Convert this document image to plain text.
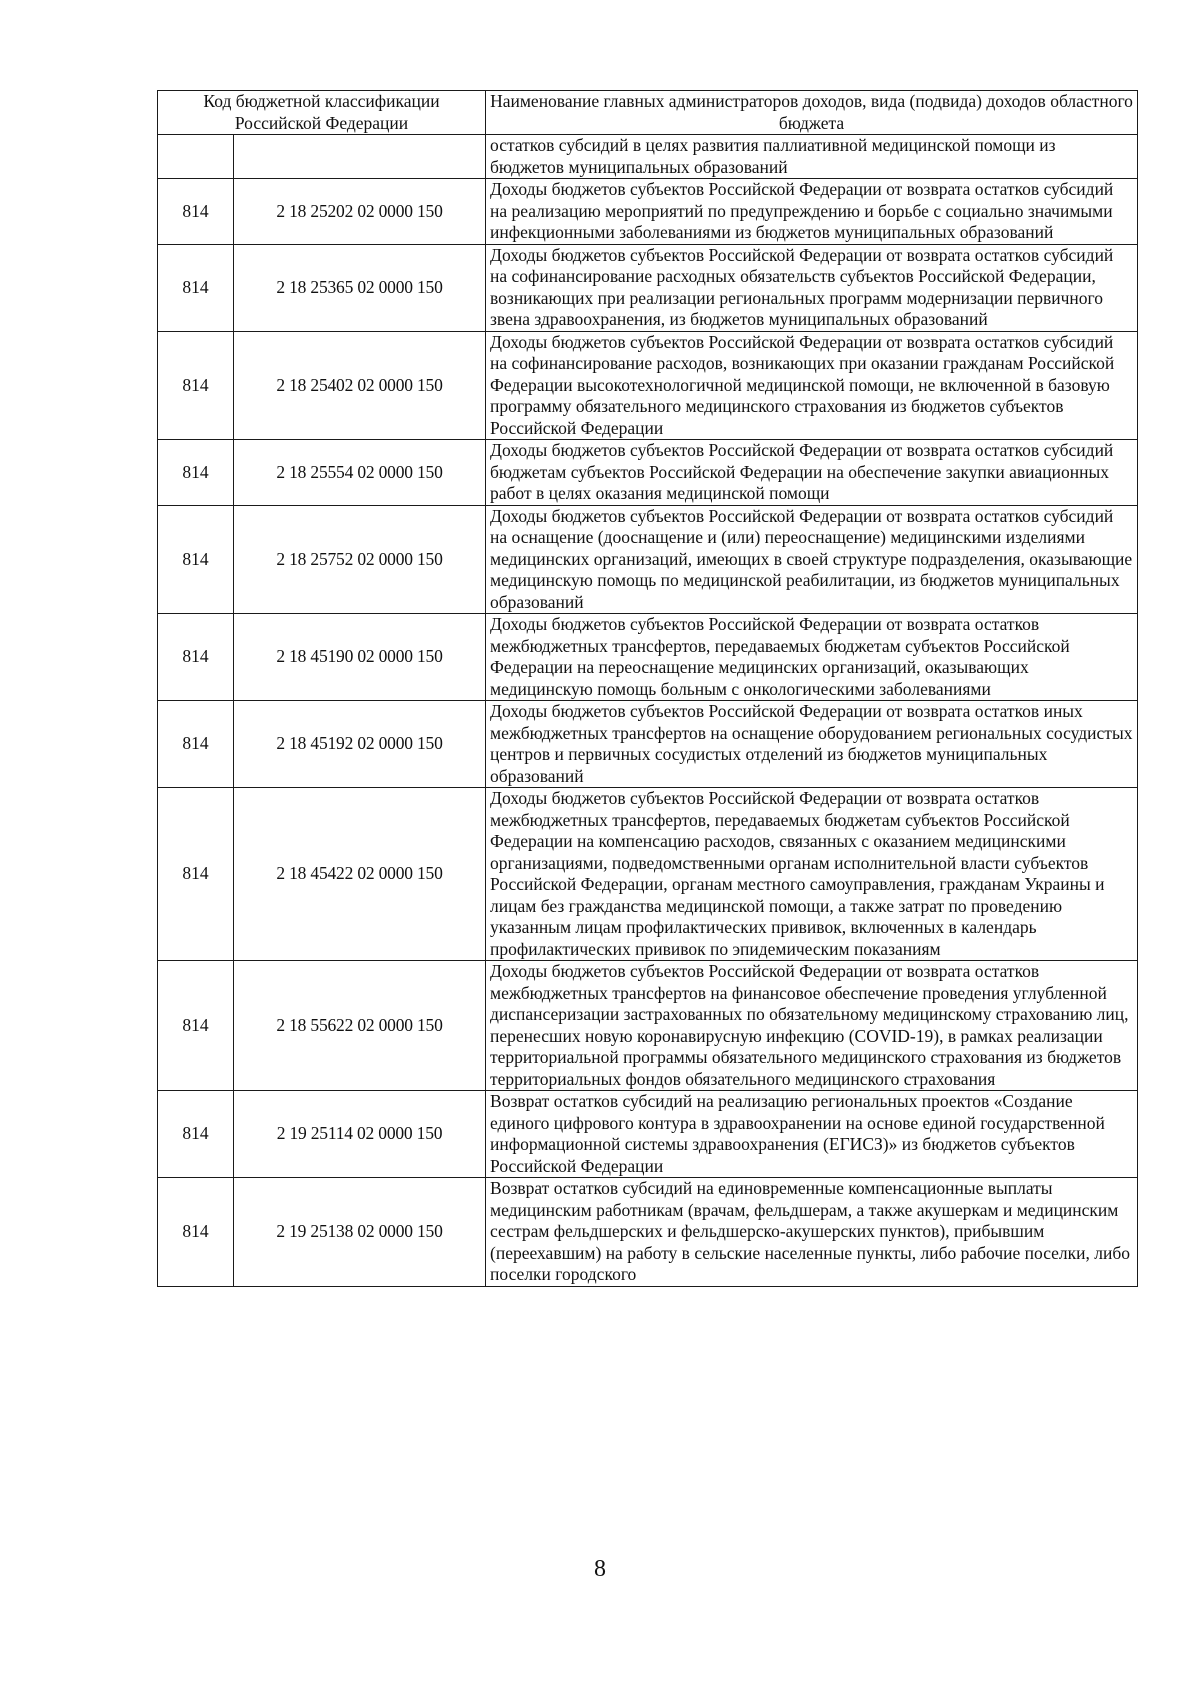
Код бюджетной классификации Российской Федерации		Наименование главных администраторов доходов, вида (подвида) доходов областного бюджета
		остатков субсидий в целях развития паллиативной медицинской помощи из бюджетов муниципальных образований
814	2 18 25202 02 0000 150	Доходы бюджетов субъектов Российской Федерации от возврата остатков субсидий на реализацию мероприятий по предупреждению и борьбе с социально значимыми инфекционными заболеваниями из бюджетов муниципальных образований
814	2 18 25365 02 0000 150	Доходы бюджетов субъектов Российской Федерации от возврата остатков субсидий на софинансирование расходных обязательств субъектов Российской Федерации, возникающих при реализации региональных программ модернизации первичного звена здравоохранения, из бюджетов муниципальных образований
814	2 18 25402 02 0000 150	Доходы бюджетов субъектов Российской Федерации от возврата остатков субсидий на софинансирование расходов, возникающих при оказании гражданам Российской Федерации высокотехнологичной медицинской помощи, не включенной в базовую программу обязательного медицинского страхования из бюджетов субъектов Российской Федерации
814	2 18 25554 02 0000 150	Доходы бюджетов субъектов Российской Федерации от возврата остатков субсидий бюджетам субъектов Российской Федерации на обеспечение закупки авиационных работ в целях оказания медицинской помощи
814	2 18 25752 02 0000 150	Доходы бюджетов субъектов Российской Федерации от возврата остатков субсидий на оснащение (дооснащение и (или) переоснащение) медицинскими изделиями медицинских организаций, имеющих в своей структуре подразделения, оказывающие медицинскую помощь по медицинской реабилитации, из бюджетов муниципальных образований
814	2 18 45190 02 0000 150	Доходы бюджетов субъектов Российской Федерации от возврата остатков межбюджетных трансфертов, передаваемых бюджетам субъектов Российской Федерации на переоснащение медицинских организаций, оказывающих медицинскую помощь больным с онкологическими заболеваниями
814	2 18 45192 02 0000 150	Доходы бюджетов субъектов Российской Федерации от возврата остатков иных межбюджетных трансфертов на оснащение оборудованием региональных сосудистых центров и первичных сосудистых отделений из бюджетов муниципальных образований
814	2 18 45422 02 0000 150	Доходы бюджетов субъектов Российской Федерации от возврата остатков межбюджетных трансфертов, передаваемых бюджетам субъектов Российской Федерации на компенсацию расходов, связанных с оказанием медицинскими организациями, подведомственными органам исполнительной власти субъектов Российской Федерации, органам местного самоуправления, гражданам Украины и лицам без гражданства медицинской помощи, а также затрат по проведению указанным лицам профилактических прививок, включенных в календарь профилактических прививок по эпидемическим показаниям
814	2 18 55622 02 0000 150	Доходы бюджетов субъектов Российской Федерации от возврата остатков межбюджетных трансфертов на финансовое обеспечение проведения углубленной диспансеризации застрахованных по обязательному медицинскому страхованию лиц, перенесших новую коронавирусную инфекцию (COVID-19), в рамках реализации территориальной программы обязательного медицинского страхования из бюджетов территориальных фондов обязательного медицинского страхования
814	2 19 25114 02 0000 150	Возврат остатков субсидий на реализацию региональных проектов «Создание единого цифрового контура в здравоохранении на основе единой государственной информационной системы здравоохранения (ЕГИСЗ)» из бюджетов субъектов Российской Федерации
814	2 19 25138 02 0000 150	Возврат остатков субсидий на единовременные компенсационные выплаты медицинским работникам (врачам, фельдшерам, а также акушеркам и медицинским сестрам фельдшерских и фельдшерско-акушерских пунктов), прибывшим (переехавшим) на работу в сельские населенные пункты, либо рабочие поселки, либо поселки городского
8
